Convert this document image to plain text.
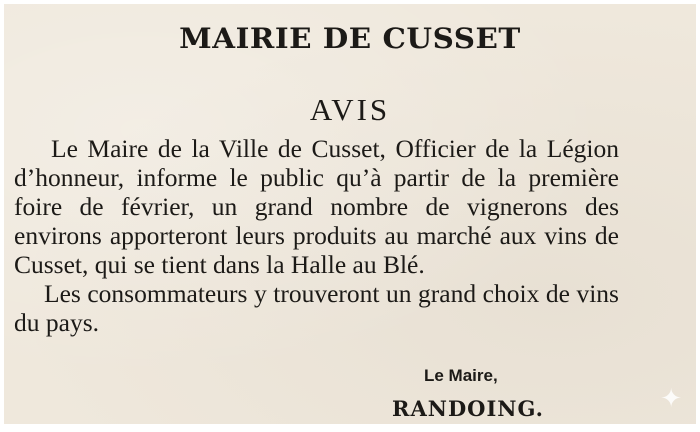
MAIRIE DE CUSSET
AVIS

Le Maire de la Ville de Cusset, Officier de la Légion d’honneur, informe le public qu’à partir de la première foire de février, un grand nombre de vignerons des environs apporteront leurs produits au marché aux vins de Cusset, qui se tient dans la Halle au Blé.

Les consommateurs y trouveront un grand choix de vins du pays.

Le Maire,
RANDOING.	✦
